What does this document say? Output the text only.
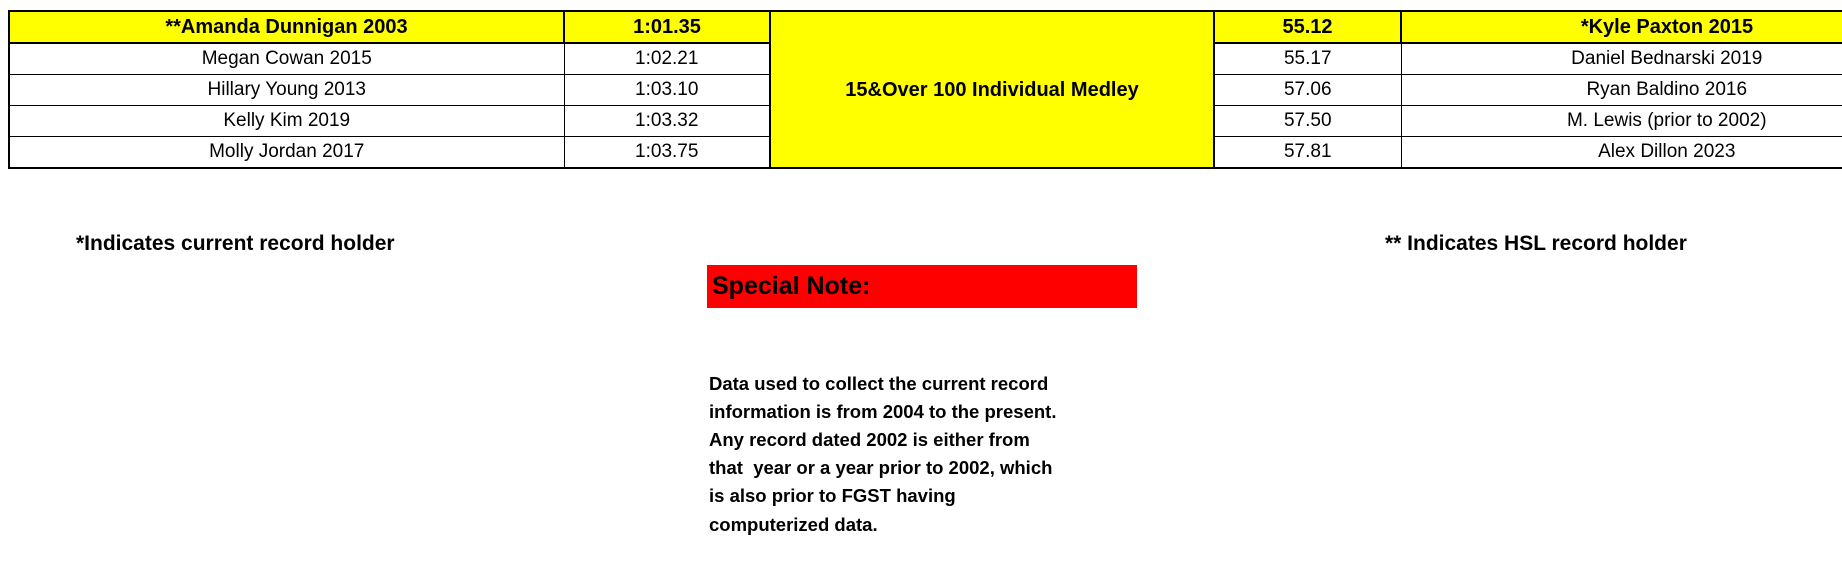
**Amanda Dunnigan 2003	1:01.35	15&Over 100 Individual Medley	55.12	*Kyle Paxton 2015
Megan Cowan 2015	1:02.21		55.17	Daniel Bednarski 2019
Hillary Young 2013	1:03.10		57.06	Ryan Baldino 2016
Kelly Kim 2019	1:03.32		57.50	M. Lewis (prior to 2002)
Molly Jordan 2017	1:03.75		57.81	Alex Dillon 2023
*Indicates current record holder	** Indicates HSL record holder
Special Note:
Data used to collect the current record
information is from 2004 to the present.
Any record dated 2002 is either from
that  year or a year prior to 2002, which
is also prior to FGST having
computerized data.
